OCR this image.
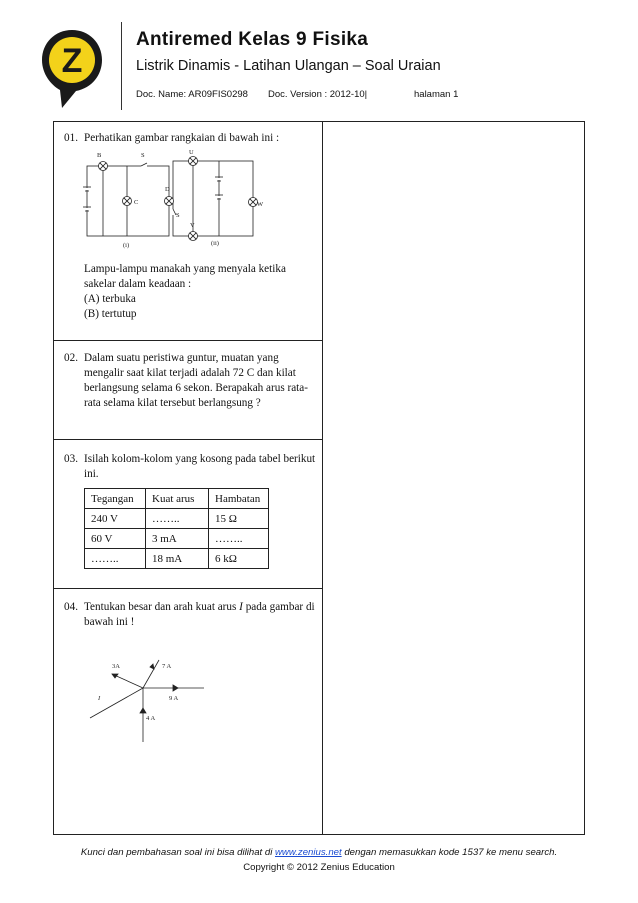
Z
Antiremed Kelas 9 Fisika
Listrik Dinamis - Latihan Ulangan – Soal Uraian
Doc. Name: AR09FIS0298 Doc. Version : 2012-10|	halaman 1
01. Perhatikan gambar rangkaian di bawah ini :
B	S
C
D
S
U
V
W
(i)	(ii)
Lampu-lampu manakah yang menyala ketika sakelar dalam keadaan :
(A) terbuka
(B) tertutup
02. Dalam suatu peristiwa guntur, muatan yang mengalir saat kilat terjadi adalah 72 C dan kilat berlangsung selama 6 sekon. Berapakah arus rata-rata selama kilat tersebut berlangsung ?
03. Isilah kolom-kolom yang kosong pada tabel berikut ini.
Tegangan	Kuat arus	Hambatan
240 V	……..	15 Ω
60 V	3 mA	……..
……..	18 mA	6 kΩ
04. Tentukan besar dan arah kuat arus I pada gambar di bawah ini !
3A	7 A
9 A
4 A
I
Kunci dan pembahasan soal ini bisa dilihat di www.zenius.net dengan memasukkan kode 1537 ke menu search.
Copyright © 2012 Zenius Education
